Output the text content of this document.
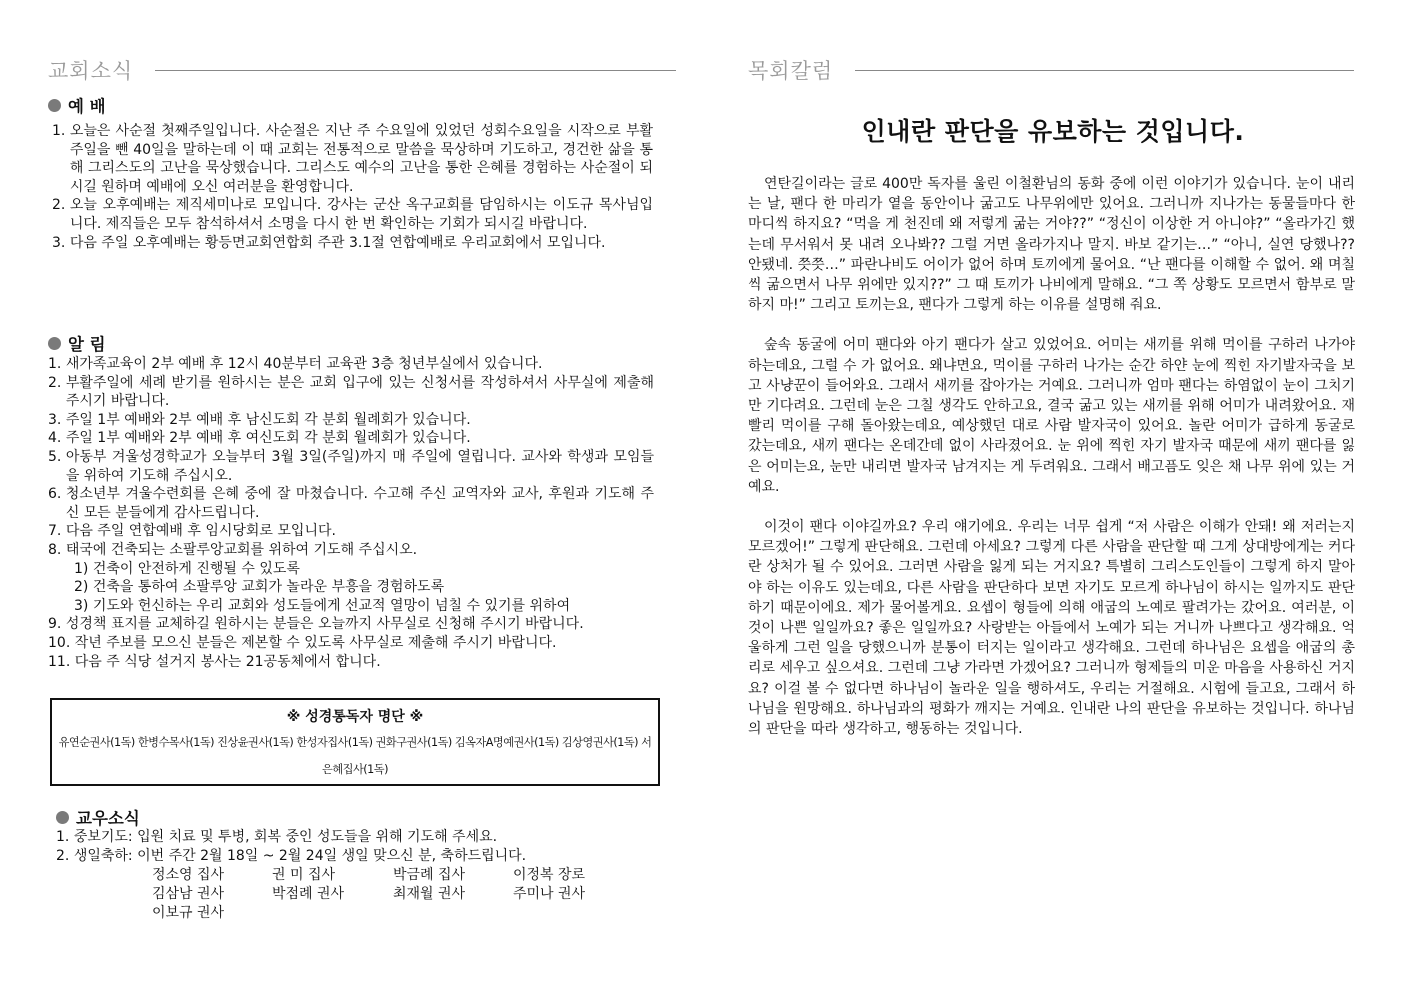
교회소식
예 배
1. 오늘은 사순절 첫째주일입니다. 사순절은 지난 주 수요일에 있었던 성회수요일을 시작으로 부활 주일을 뺀 40일을 말하는데 이 때 교회는 전통적으로 말씀을 묵상하며 기도하고, 경건한 삶을 통해 그리스도의 고난을 묵상했습니다. 그리스도 예수의 고난을 통한 은혜를 경험하는 사순절이 되시길 원하며 예배에 오신 여러분을 환영합니다.
2. 오늘 오후예배는 제직세미나로 모입니다. 강사는 군산 옥구교회를 담임하시는 이도규 목사님입니다. 제직들은 모두 참석하셔서 소명을 다시 한 번 확인하는 기회가 되시길 바랍니다.
3. 다음 주일 오후예배는 황등면교회연합회 주관 3.1절 연합예배로 우리교회에서 모입니다.
알 림
1. 새가족교육이 2부 예배 후 12시 40분부터 교육관 3층 청년부실에서 있습니다.
2. 부활주일에 세례 받기를 원하시는 분은 교회 입구에 있는 신청서를 작성하셔서 사무실에 제출해 주시기 바랍니다.
3. 주일 1부 예배와 2부 예배 후 남신도회 각 분회 월례회가 있습니다.
4. 주일 1부 예배와 2부 예배 후 여신도회 각 분회 월례회가 있습니다.
5. 아동부 겨울성경학교가 오늘부터 3월 3일(주일)까지 매 주일에 열립니다. 교사와 학생과 모임들을 위하여 기도해 주십시오.
6. 청소년부 겨울수련회를 은혜 중에 잘 마쳤습니다. 수고해 주신 교역자와 교사, 후원과 기도해 주신 모든 분들에게 감사드립니다.
7. 다음 주일 연합예배 후 임시당회로 모입니다.
8. 태국에 건축되는 소팔루앙교회를 위하여 기도해 주십시오.
1) 건축이 안전하게 진행될 수 있도록
2) 건축을 통하여 소팔루앙 교회가 놀라운 부흥을 경험하도록
3) 기도와 헌신하는 우리 교회와 성도들에게 선교적 열망이 넘칠 수 있기를 위하여
9. 성경책 표지를 교체하길 원하시는 분들은 오늘까지 사무실로 신청해 주시기 바랍니다.
10. 작년 주보를 모으신 분들은 제본할 수 있도록 사무실로 제출해 주시기 바랍니다.
11. 다음 주 식당 설거지 봉사는 21공동체에서 합니다.
※ 성경통독자 명단 ※
유연순권사(1독) 한병수목사(1독) 진상윤권사(1독) 한성자집사(1독) 권화구권사(1독) 김옥자A명예권사(1독) 김상영권사(1독) 서은혜집사(1독)
교우소식
1. 중보기도: 입원 치료 및 투병, 회복 중인 성도들을 위해 기도해 주세요.
2. 생일축하: 이번 주간 2월 18일 ~ 2월 24일 생일 맞으신 분, 축하드립니다.
정소영 집사	권 미 집사	박금례 집사	이정복 장로
김삼남 권사	박점례 권사	최재월 권사	주미나 권사
이보규 권사
목회칼럼
인내란 판단을 유보하는 것입니다.

연탄길이라는 글로 400만 독자를 울린 이철환님의 동화 중에 이런 이야기가 있습니다. 눈이 내리는 날, 팬다 한 마리가 옅을 동안이나 굶고도 나무위에만 있어요. 그러니까 지나가는 동물들마다 한 마디씩 하지요? “먹을 게 천진데 왜 저렇게 굶는 거야??” “정신이 이상한 거 아니야?” “올라가긴 했는데 무서워서 못 내려 오나봐?? 그럴 거면 올라가지나 말지. 바보 같기는…” “아니, 실연 당했나?? 안됐네. 쯧쯧…” 파란나비도 어이가 없어 하며 토끼에게 물어요. “난 팬다를 이해할 수 없어. 왜 며칠씩 굶으면서 나무 위에만 있지??” 그 때 토끼가 나비에게 말해요. “그 쪽 상황도 모르면서 함부로 말하지 마!” 그리고 토끼는요, 팬다가 그렇게 하는 이유를 설명해 줘요.

숲속 동굴에 어미 팬다와 아기 팬다가 살고 있었어요. 어미는 새끼를 위해 먹이를 구하러 나가야 하는데요, 그럴 수 가 없어요. 왜냐면요, 먹이를 구하러 나가는 순간 하얀 눈에 찍힌 자기발자국을 보고 사냥꾼이 들어와요. 그래서 새끼를 잡아가는 거예요. 그러니까 엄마 팬다는 하염없이 눈이 그치기만 기다려요. 그런데 눈은 그칠 생각도 안하고요, 결국 굶고 있는 새끼를 위해 어미가 내려왔어요. 재빨리 먹이를 구해 돌아왔는데요, 예상했던 대로 사람 발자국이 있어요. 놀란 어미가 급하게 동굴로 갔는데요, 새끼 팬다는 온데간데 없이 사라졌어요. 눈 위에 찍힌 자기 발자국 때문에 새끼 팬다를 잃은 어미는요, 눈만 내리면 발자국 남겨지는 게 두려워요. 그래서 배고픔도 잊은 채 나무 위에 있는 거예요.

이것이 팬다 이야길까요? 우리 얘기에요. 우리는 너무 쉽게 “저 사람은 이해가 안돼! 왜 저러는지 모르겠어!” 그렇게 판단해요. 그런데 아세요? 그렇게 다른 사람을 판단할 때 그게 상대방에게는 커다란 상처가 될 수 있어요. 그러면 사람을 잃게 되는 거지요? 특별히 그리스도인들이 그렇게 하지 말아야 하는 이유도 있는데요, 다른 사람을 판단하다 보면 자기도 모르게 하나님이 하시는 일까지도 판단하기 때문이에요. 제가 물어볼게요. 요셉이 형들에 의해 애굽의 노예로 팔려가는 갔어요. 여러분, 이것이 나쁜 일일까요? 좋은 일일까요? 사랑받는 아들에서 노예가 되는 거니까 나쁘다고 생각해요. 억울하게 그런 일을 당했으니까 분통이 터지는 일이라고 생각해요. 그런데 하나님은 요셉을 애굽의 총리로 세우고 싶으셔요. 그런데 그냥 가라면 가겠어요? 그러니까 형제들의 미운 마음을 사용하신 거지요? 이걸 볼 수 없다면 하나님이 놀라운 일을 행하셔도, 우리는 거절해요. 시험에 들고요, 그래서 하나님을 원망해요. 하나님과의 평화가 깨지는 거예요. 인내란 나의 판단을 유보하는 것입니다. 하나님의 판단을 따라 생각하고, 행동하는 것입니다.
